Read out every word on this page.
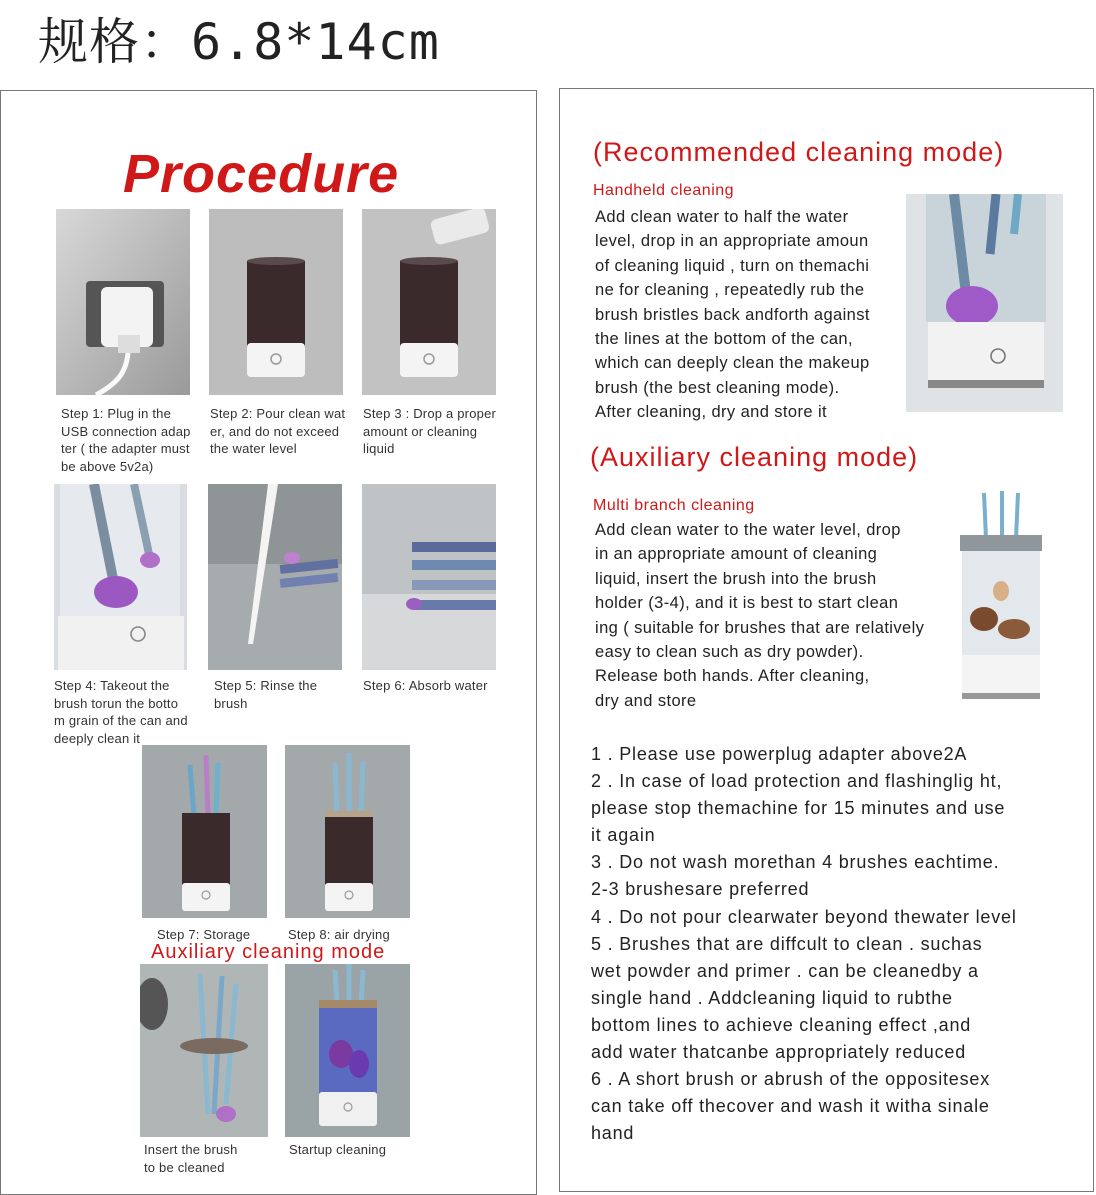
规格：6.8*14cm
Procedure
Step 1: Plug in the
USB connection adap
ter ( the adapter must
be above 5v2a)
Step 2: Pour clean wat
er, and do not exceed
the water level
Step 3 : Drop a proper
amount or cleaning
liquid
Step 4: Takeout the
brush torun the botto
m grain of the can and
deeply clean it
Step 5: Rinse the
brush
Step 6: Absorb water
Step 7: Storage	Step 8: air drying
Auxiliary cleaning mode
Insert the brush
to be cleaned
Startup cleaning
(Recommended cleaning mode)
Handheld cleaning
Add clean water to half the water
level, drop in an appropriate amoun
of cleaning liquid , turn on themachi
ne for cleaning , repeatedly rub the
brush bristles back andforth against
the lines at the bottom of the can,
which can deeply clean the makeup
brush (the best cleaning mode).
After cleaning, dry and store it
(Auxiliary cleaning mode)
Multi branch cleaning
Add clean water to the water level, drop
in an appropriate amount of cleaning
liquid, insert the brush into the brush
holder (3-4), and it is best to start clean
ing ( suitable for brushes that are relatively
easy to clean such as dry powder).
Release both hands. After cleaning,
dry and store
1 . Please use powerplug adapter above2A
2 . In case of load protection and flashinglig ht,
please stop themachine for 15 minutes and use
it again
3 . Do not wash morethan 4 brushes eachtime.
2-3 brushesare preferred
4 . Do not pour clearwater beyond thewater level
5 . Brushes that are diffcult to clean . suchas
wet powder and primer . can be cleanedby a
single hand . Addcleaning liquid to rubthe
bottom lines to achieve cleaning effect ,and
add water thatcanbe appropriately reduced
6 . A short brush or abrush of the oppositesex
can take off thecover and wash it witha sinale
hand
